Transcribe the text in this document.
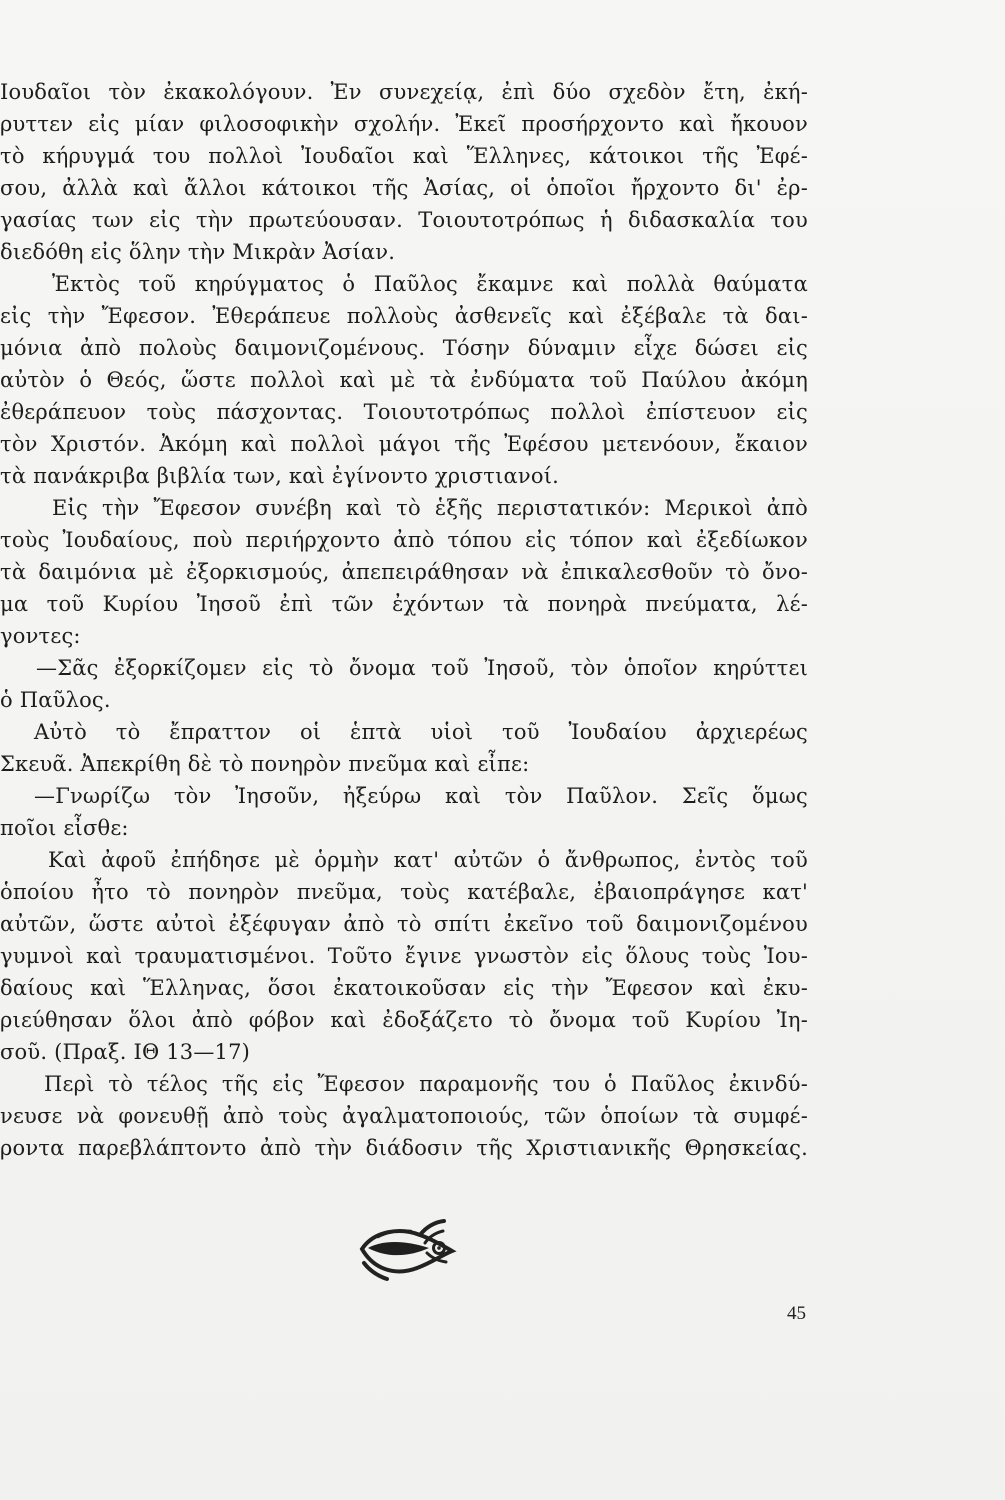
Ιουδαῖοι τὸν ἐκακολόγουν. Ἐν συνεχείᾳ, ἐπὶ δύο σχεδὸν ἔτη, ἐκή-
ρυττεν εἰς μίαν φιλοσοφικὴν σχολήν. Ἐκεῖ προσήρχοντο καὶ ἤκουον
τὸ κήρυγμά του πολλοὶ Ἰουδαῖοι καὶ Ἕλληνες, κάτοικοι τῆς Ἐφέ-
σου, ἀλλὰ καὶ ἄλλοι κάτοικοι τῆς Ἀσίας, οἱ ὁποῖοι ἤρχοντο δι' ἐρ-
γασίας των εἰς τὴν πρωτεύουσαν. Τοιουτοτρόπως ἡ διδασκαλία του
διεδόθη εἰς ὅλην τὴν Μικρὰν Ἀσίαν.
Ἐκτὸς τοῦ κηρύγματος ὁ Παῦλος ἔκαμνε καὶ πολλὰ θαύματα
εἰς τὴν Ἔφεσον. Ἐθεράπευε πολλοὺς ἀσθενεῖς καὶ ἐξέβαλε τὰ δαι-
μόνια ἀπὸ πολοὺς δαιμονιζομένους. Τόσην δύναμιν εἶχε δώσει εἰς
αὐτὸν ὁ Θεός, ὥστε πολλοὶ καὶ μὲ τὰ ἐνδύματα τοῦ Παύλου ἀκόμη
ἐθεράπευον τοὺς πάσχοντας. Τοιουτοτρόπως πολλοὶ ἐπίστευον εἰς
τὸν Χριστόν. Ἀκόμη καὶ πολλοὶ μάγοι τῆς Ἐφέσου μετενόουν, ἔκαιον
τὰ πανάκριβα βιβλία των, καὶ ἐγίνοντο χριστιανοί.
Εἰς τὴν Ἔφεσον συνέβη καὶ τὸ ἑξῆς περιστατικόν: Μερικοὶ ἀπὸ
τοὺς Ἰουδαίους, ποὺ περιήρχοντο ἀπὸ τόπου εἰς τόπον καὶ ἐξεδίωκον
τὰ δαιμόνια μὲ ἐξορκισμούς, ἀπεπειράθησαν νὰ ἐπικαλεσθοῦν τὸ ὄνο-
μα τοῦ Κυρίου Ἰησοῦ ἐπὶ τῶν ἐχόντων τὰ πονηρὰ πνεύματα, λέ-
γοντες:
—Σᾶς ἐξορκίζομεν εἰς τὸ ὄνομα τοῦ Ἰησοῦ, τὸν ὁποῖον κηρύττει
ὁ Παῦλος.
Αὐτὸ τὸ ἔπραττον οἱ ἑπτὰ υἱοὶ τοῦ Ἰουδαίου ἀρχιερέως
Σκευᾶ. Ἀπεκρίθη δὲ τὸ πονηρὸν πνεῦμα καὶ εἶπε:
—Γνωρίζω τὸν Ἰησοῦν, ἠξεύρω καὶ τὸν Παῦλον. Σεῖς ὅμως
ποῖοι εἶσθε:
Καὶ ἀφοῦ ἐπήδησε μὲ ὁρμὴν κατ' αὐτῶν ὁ ἄνθρωπος, ἐντὸς τοῦ
ὁποίου ἦτο τὸ πονηρὸν πνεῦμα, τοὺς κατέβαλε, ἐβαιοπράγησε κατ'
αὐτῶν, ὥστε αὐτοὶ ἐξέφυγαν ἀπὸ τὸ σπίτι ἐκεῖνο τοῦ δαιμονιζομένου
γυμνοὶ καὶ τραυματισμένοι. Τοῦτο ἔγινε γνωστὸν εἰς ὅλους τοὺς Ἰου-
δαίους καὶ Ἕλληνας, ὅσοι ἐκατοικοῦσαν εἰς τὴν Ἔφεσον καὶ ἐκυ-
ριεύθησαν ὅλοι ἀπὸ φόβον καὶ ἐδοξάζετο τὸ ὄνομα τοῦ Κυρίου Ἰη-
σοῦ. (Πραξ. ΙΘ 13—17)
Περὶ τὸ τέλος τῆς εἰς Ἔφεσον παραμονῆς του ὁ Παῦλος ἐκινδύ-
νευσε νὰ φονευθῇ ἀπὸ τοὺς ἀγαλματοποιούς, τῶν ὁποίων τὰ συμφέ-
ροντα παρεβλάπτοντο ἀπὸ τὴν διάδοσιν τῆς Χριστιανικῆς Θρησκείας.
45
